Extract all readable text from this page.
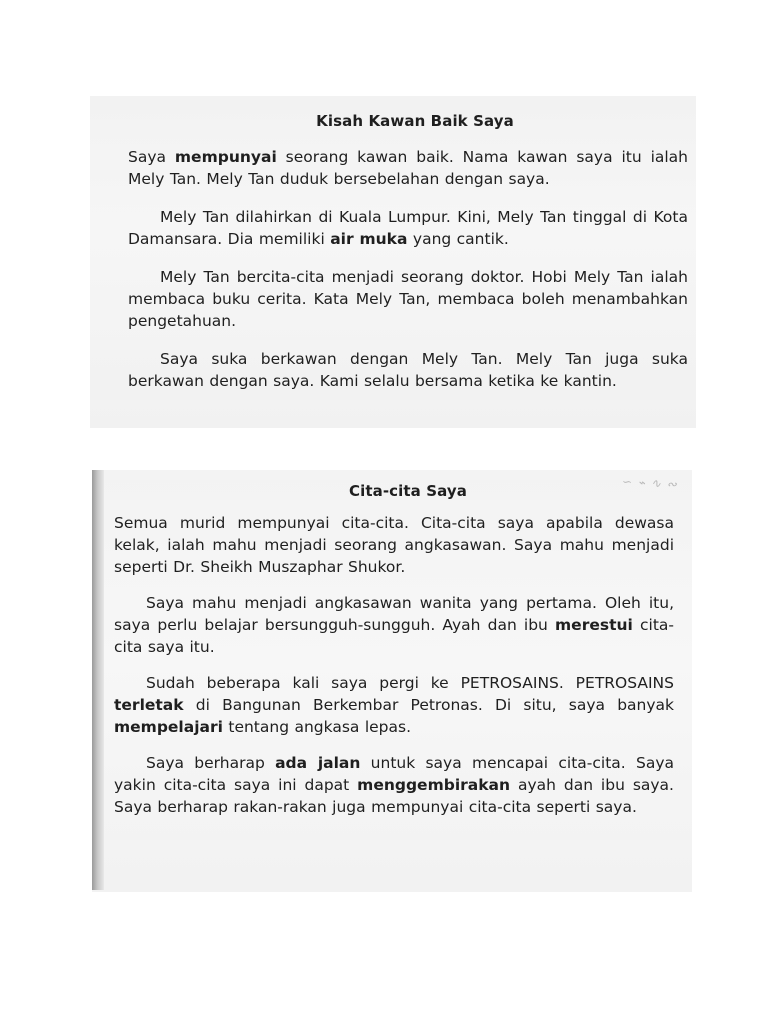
Kisah Kawan Baik Saya

Saya mempunyai seorang kawan baik. Nama kawan saya itu ialah Mely Tan. Mely Tan duduk bersebelahan dengan saya.

Mely Tan dilahirkan di Kuala Lumpur. Kini, Mely Tan tinggal di Kota Damansara. Dia memiliki air muka yang cantik.

Mely Tan bercita-cita menjadi seorang doktor. Hobi Mely Tan ialah membaca buku cerita. Kata Mely Tan, membaca boleh menambahkan pengetahuan.

Saya suka berkawan dengan Mely Tan. Mely Tan juga suka berkawan dengan saya. Kami selalu bersama ketika ke kantin.

∽ ⌁ ∿ ∾
Cita-cita Saya

Semua murid mempunyai cita-cita. Cita-cita saya apabila dewasa kelak, ialah mahu menjadi seorang angkasawan. Saya mahu menjadi seperti Dr. Sheikh Muszaphar Shukor.

Saya mahu menjadi angkasawan wanita yang pertama. Oleh itu, saya perlu belajar bersungguh-sungguh. Ayah dan ibu merestui cita-cita saya itu.

Sudah beberapa kali saya pergi ke PETROSAINS. PETROSAINS terletak di Bangunan Berkembar Petronas. Di situ, saya banyak mempelajari tentang angkasa lepas.

Saya berharap ada jalan untuk saya mencapai cita-cita. Saya yakin cita-cita saya ini dapat menggembirakan ayah dan ibu saya. Saya berharap rakan-rakan juga mempunyai cita-cita seperti saya.
